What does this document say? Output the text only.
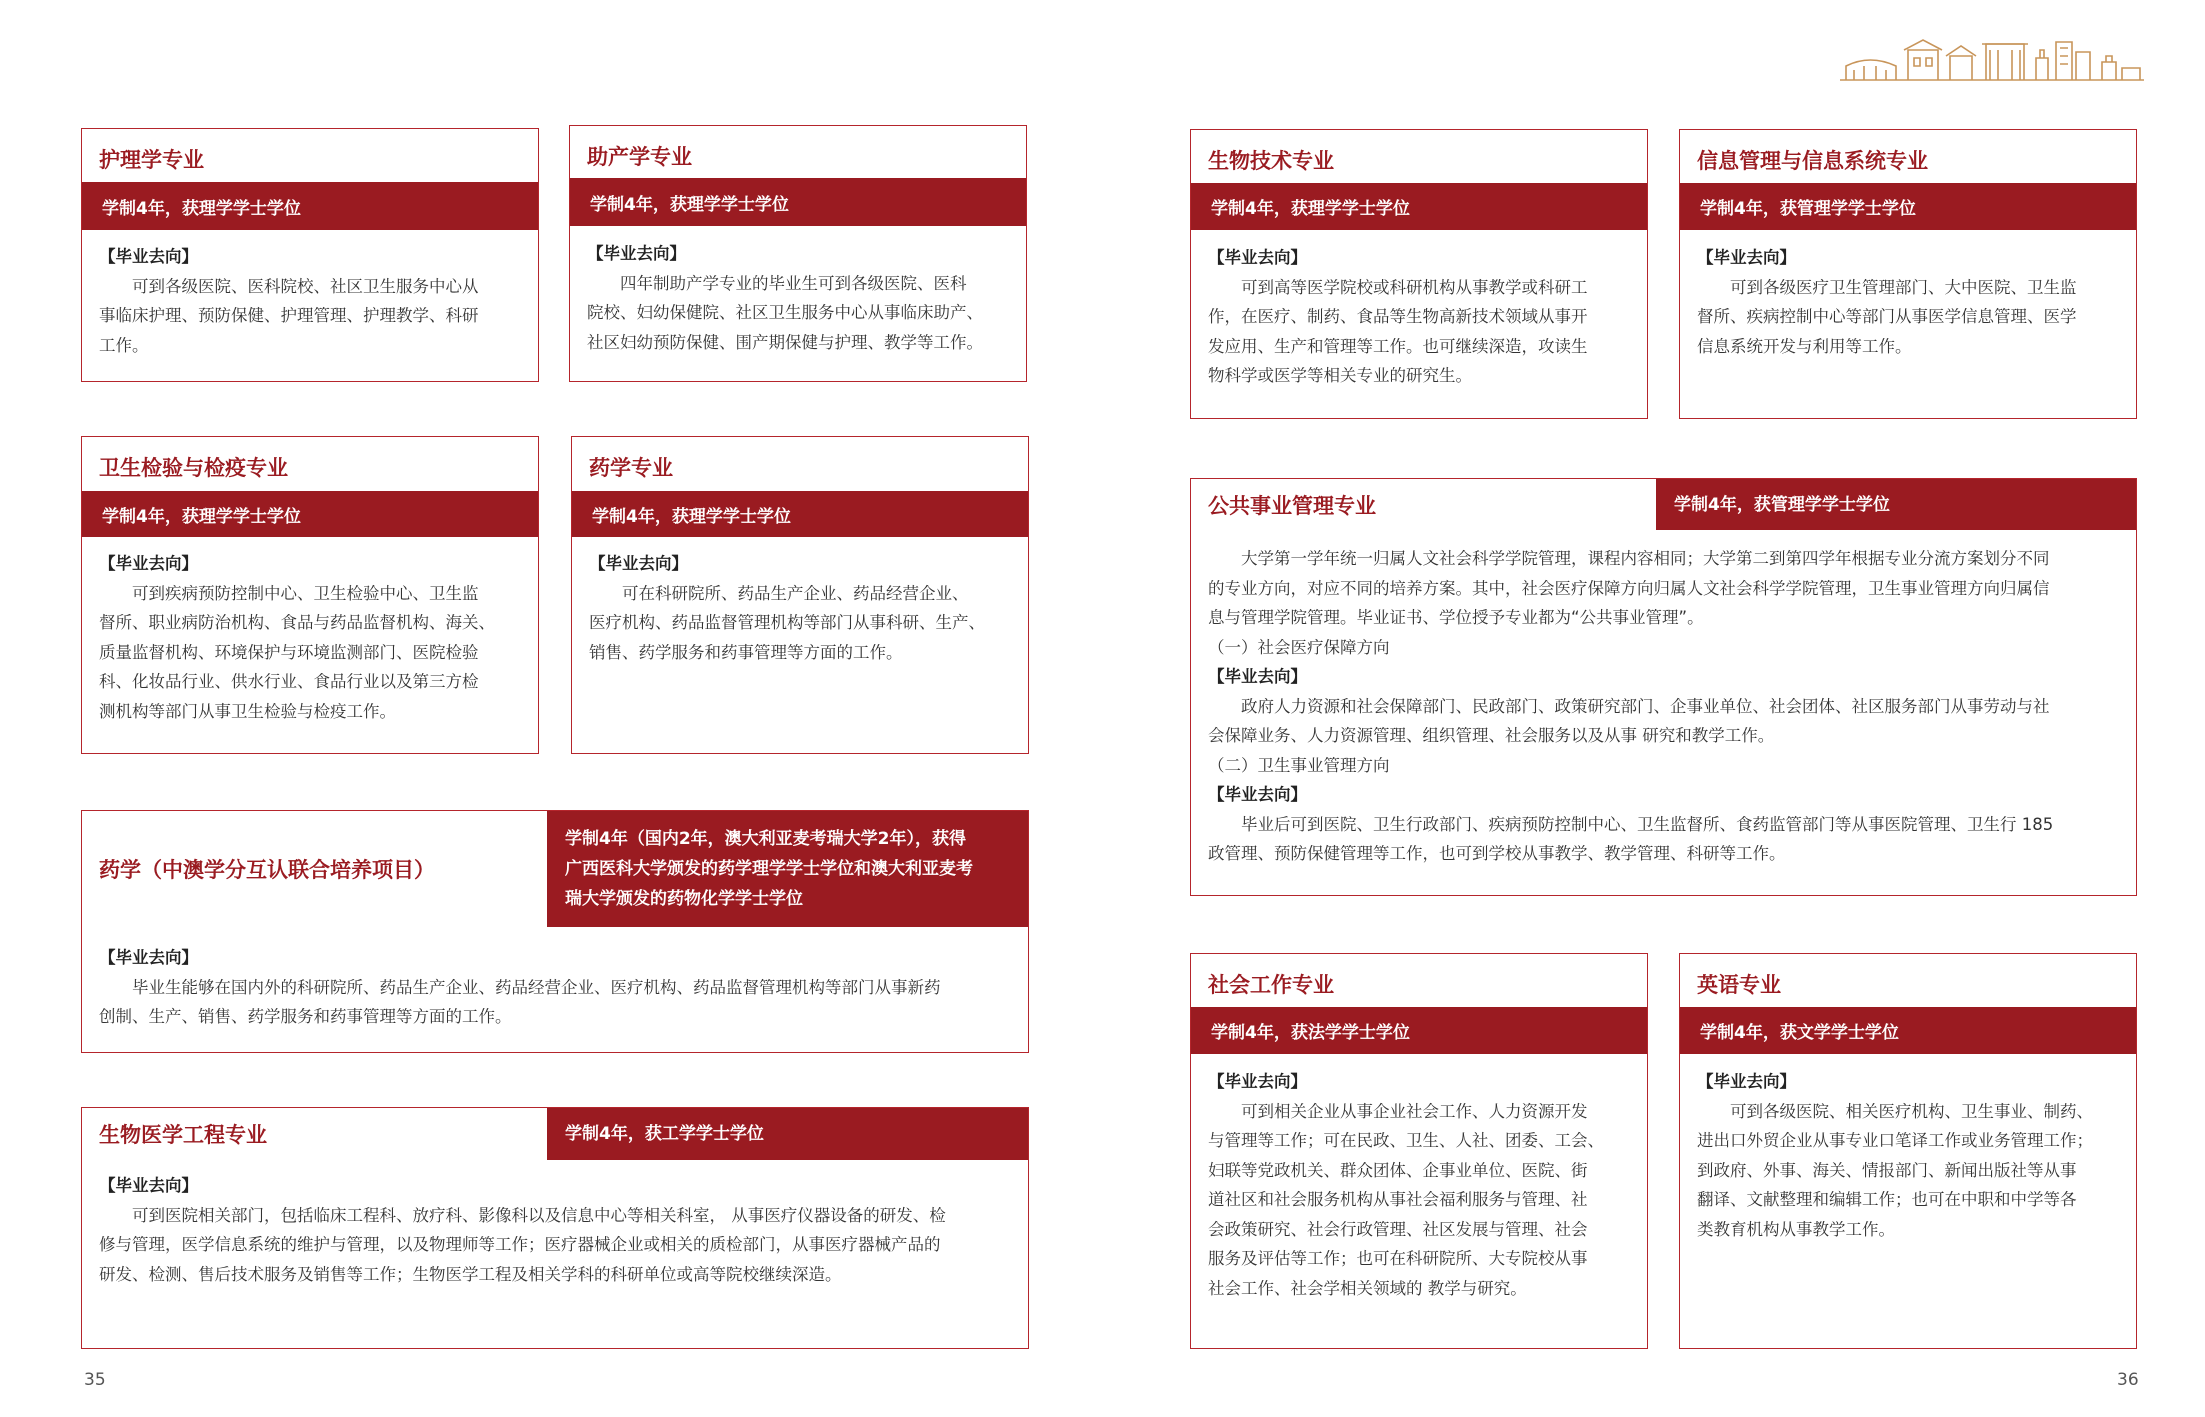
护理学专业
学制4年，获理学学士学位

【毕业去向】

可到各级医院、医科院校、社区卫生服务中心从

事临床护理、预防保健、护理管理、护理教学、科研

工作。

助产学专业
学制4年，获理学学士学位

【毕业去向】

四年制助产学专业的毕业生可到各级医院、医科

院校、妇幼保健院、社区卫生服务中心从事临床助产、

社区妇幼预防保健、围产期保健与护理、教学等工作。

卫生检验与检疫专业
学制4年，获理学学士学位

【毕业去向】

可到疾病预防控制中心、卫生检验中心、卫生监

督所、职业病防治机构、食品与药品监督机构、海关、

质量监督机构、环境保护与环境监测部门、医院检验

科、化妆品行业、供水行业、食品行业以及第三方检

测机构等部门从事卫生检验与检疫工作。

药学专业
学制4年，获理学学士学位

【毕业去向】

可在科研院所、药品生产企业、药品经营企业、

医疗机构、药品监督管理机构等部门从事科研、生产、

销售、药学服务和药事管理等方面的工作。

药学（中澳学分互认联合培养项目）
学制4年（国内2年，澳大利亚麦考瑞大学2年），获得
广西医科大学颁发的药学理学学士学位和澳大利亚麦考
瑞大学颁发的药物化学学士学位

【毕业去向】

毕业生能够在国内外的科研院所、药品生产企业、药品经营企业、医疗机构、药品监督管理机构等部门从事新药

创制、生产、销售、药学服务和药事管理等方面的工作。

生物医学工程专业	学制4年，获工学学士学位

【毕业去向】

可到医院相关部门，包括临床工程科、放疗科、影像科以及信息中心等相关科室， 从事医疗仪器设备的研发、检

修与管理，医学信息系统的维护与管理，以及物理师等工作；医疗器械企业或相关的质检部门，从事医疗器械产品的

研发、检测、售后技术服务及销售等工作；生物医学工程及相关学科的科研单位或高等院校继续深造。

35
生物技术专业
学制4年，获理学学士学位

【毕业去向】

可到高等医学院校或科研机构从事教学或科研工

作，在医疗、制药、食品等生物高新技术领域从事开

发应用、生产和管理等工作。也可继续深造，攻读生

物科学或医学等相关专业的研究生。

信息管理与信息系统专业
学制4年，获管理学学士学位

【毕业去向】

可到各级医疗卫生管理部门、大中医院、卫生监

督所、疾病控制中心等部门从事医学信息管理、医学

信息系统开发与利用等工作。

公共事业管理专业	学制4年，获管理学学士学位

大学第一学年统一归属人文社会科学学院管理，课程内容相同；大学第二到第四学年根据专业分流方案划分不同

的专业方向，对应不同的培养方案。其中，社会医疗保障方向归属人文社会科学学院管理，卫生事业管理方向归属信

息与管理学院管理。毕业证书、学位授予专业都为“公共事业管理”。

（一）社会医疗保障方向

【毕业去向】

政府人力资源和社会保障部门、民政部门、政策研究部门、企事业单位、社会团体、社区服务部门从事劳动与社

会保障业务、人力资源管理、组织管理、社会服务以及从事 研究和教学工作。

（二）卫生事业管理方向

【毕业去向】

毕业后可到医院、卫生行政部门、疾病预防控制中心、卫生监督所、食药监管部门等从事医院管理、卫生行 185

政管理、预防保健管理等工作，也可到学校从事教学、教学管理、科研等工作。

社会工作专业
学制4年，获法学学士学位

【毕业去向】

可到相关企业从事企业社会工作、人力资源开发

与管理等工作；可在民政、卫生、人社、团委、工会、

妇联等党政机关、群众团体、企事业单位、医院、街

道社区和社会服务机构从事社会福利服务与管理、社

会政策研究、社会行政管理、社区发展与管理、社会

服务及评估等工作；也可在科研院所、大专院校从事

社会工作、社会学相关领域的 教学与研究。

英语专业
学制4年，获文学学士学位

【毕业去向】

可到各级医院、相关医疗机构、卫生事业、制药、

进出口外贸企业从事专业口笔译工作或业务管理工作；

到政府、外事、海关、情报部门、新闻出版社等从事

翻译、文献整理和编辑工作；也可在中职和中学等各

类教育机构从事教学工作。

36
